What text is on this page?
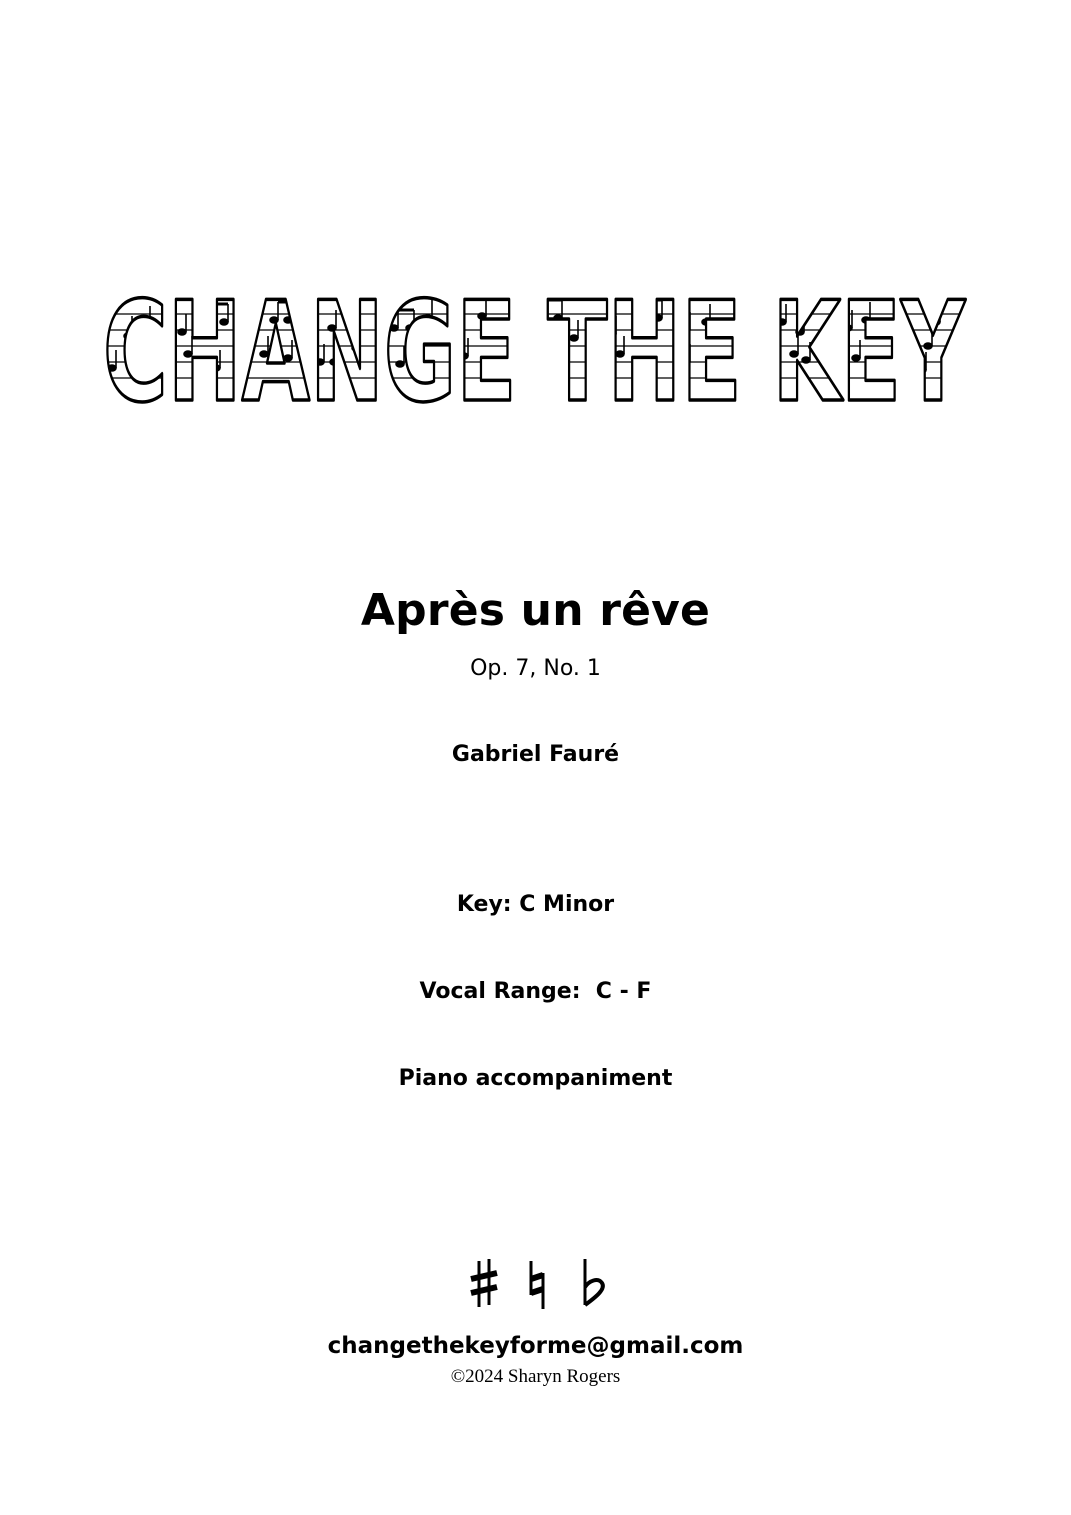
CHANGE THE KEY
Après un rêve
Op. 7, No. 1
Gabriel Fauré
Key: C Minor
Vocal Range:  C - F
Piano accompaniment
changethekeyforme@gmail.com
©2024 Sharyn Rogers
